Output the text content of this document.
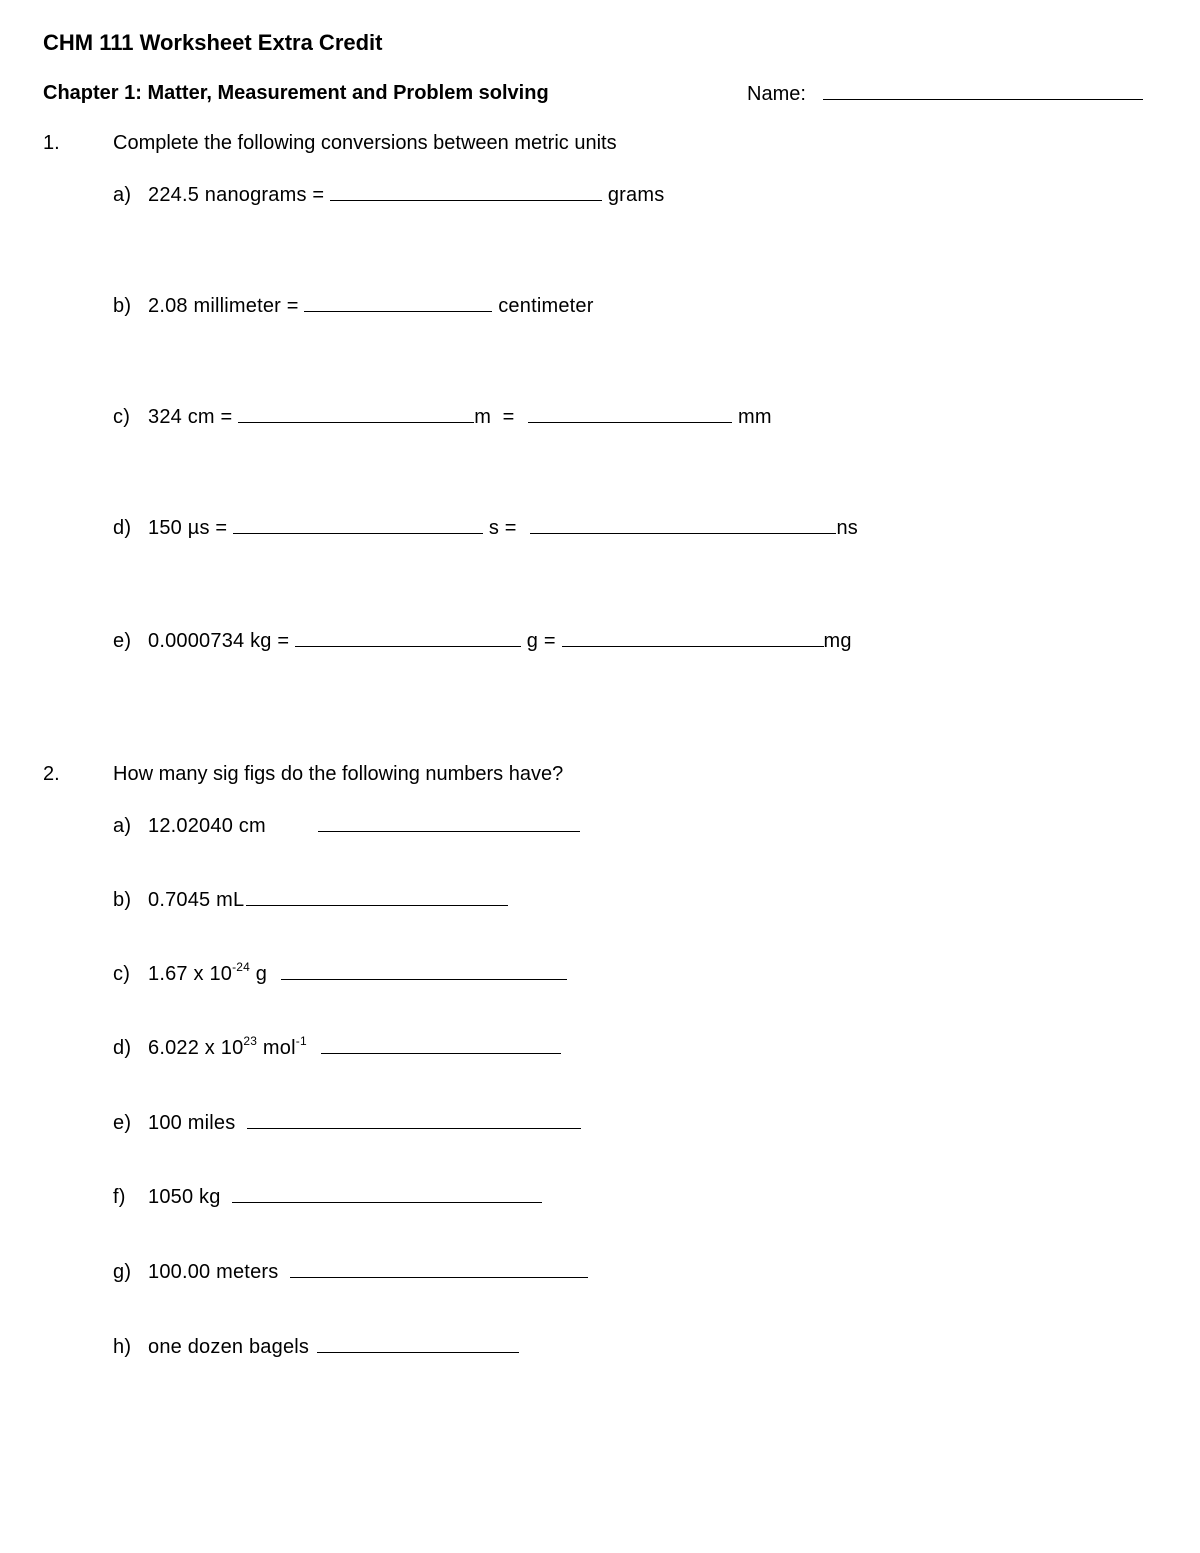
CHM 111 Worksheet Extra Credit
Chapter 1: Matter, Measurement and Problem solving	Name:
1.	Complete the following conversions between metric units
a) 224.5 nanograms =	grams
b) 2.08 millimeter =	centimeter
c) 324 cm =	m  =	mm
d) 150 µs =	s =	ns
e) 0.0000734 kg =	g =	mg
2.	How many sig figs do the following numbers have?
a) 12.02040 cm
b) 0.7045 mL
c) 1.67 x $10^{-24}$ g
d) 6.022 x $10^{23}$ mol$^{-1}$
e) 100 miles
f) 1050 kg
g) 100.00 meters
h) one dozen bagels
